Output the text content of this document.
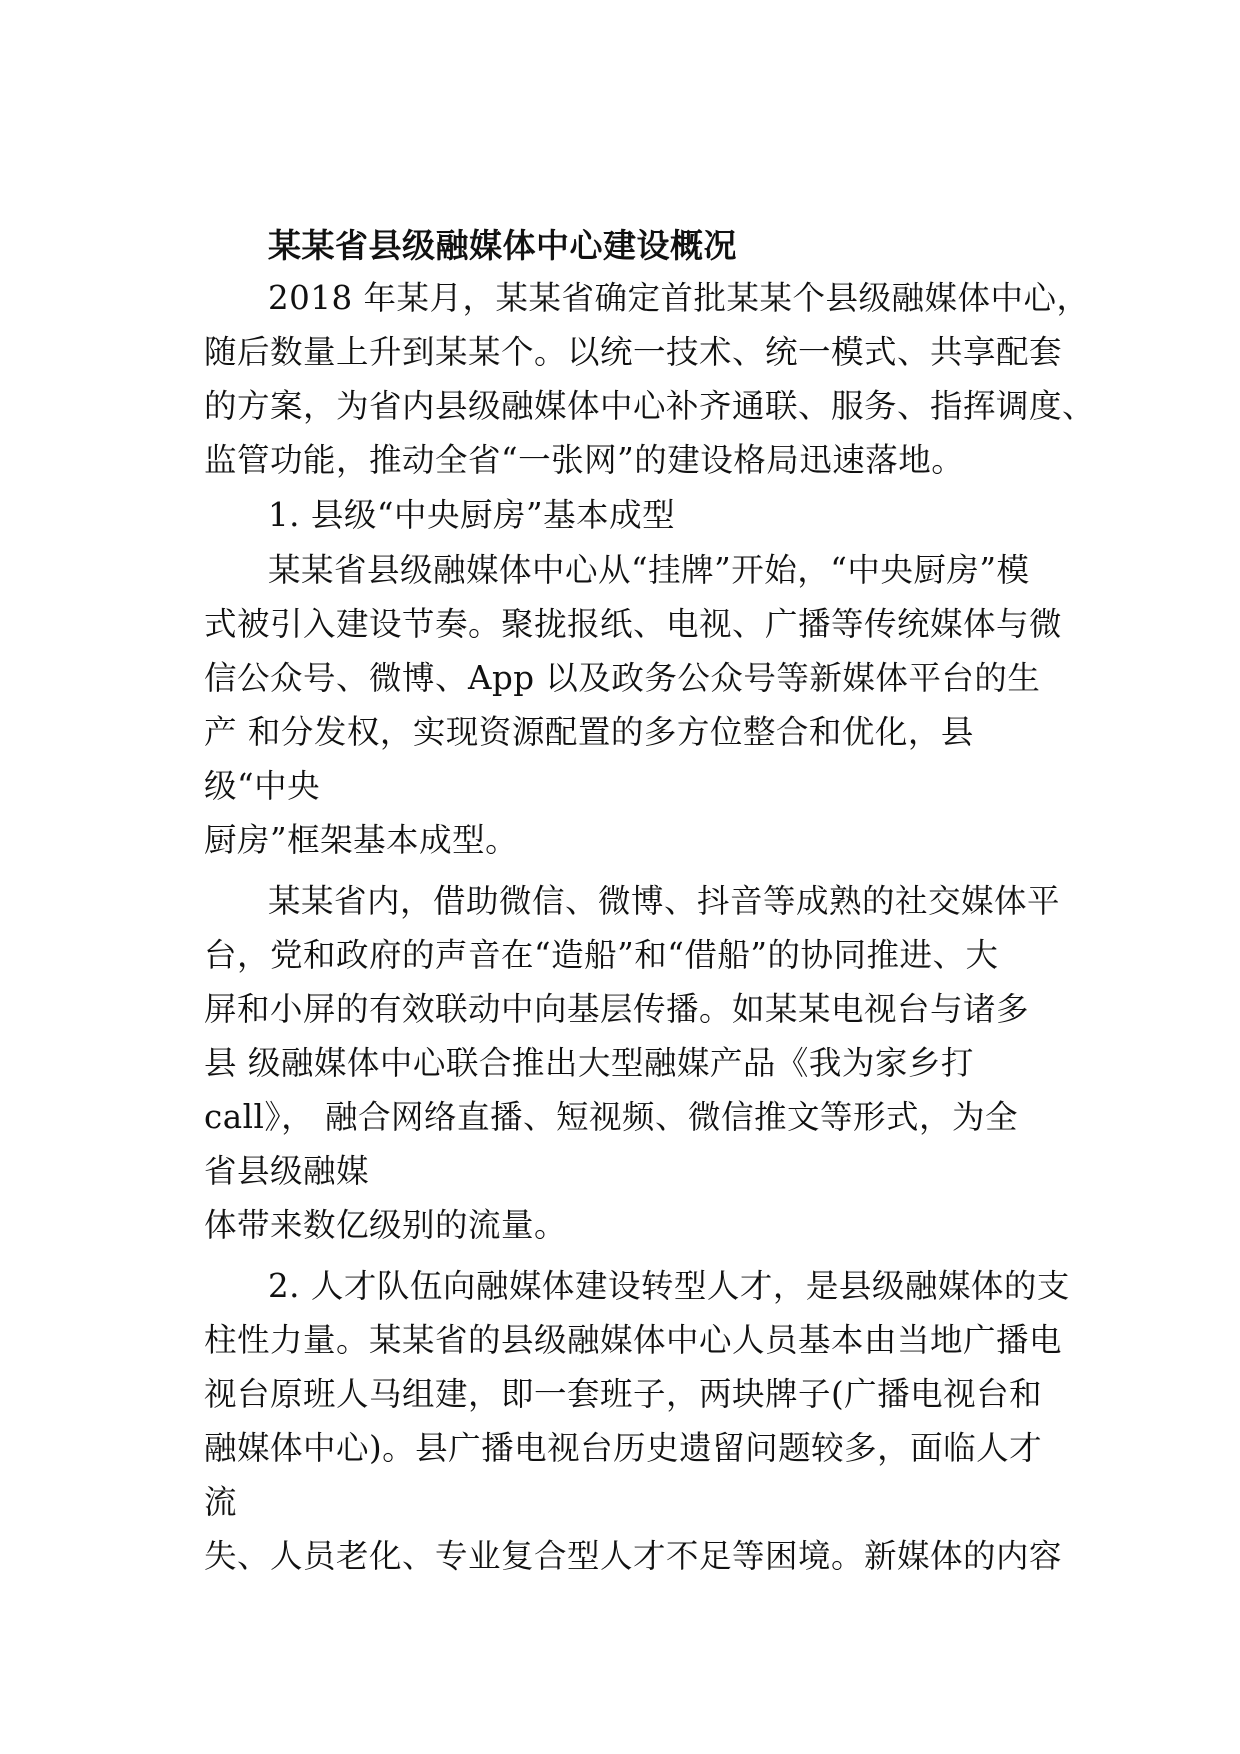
某某省县级融媒体中心建设概况
2018 年某月，某某省确定首批某某个县级融媒体中心，
随后数量上升到某某个。以统一技术、统一模式、共享配套
的方案，为省内县级融媒体中心补齐通联、服务、指挥调度、
监管功能，推动全省“一张网”的建设格局迅速落地。
1. 县级“中央厨房”基本成型
某某省县级融媒体中心从“挂牌”开始，“中央厨房”模
式被引入建设节奏。聚拢报纸、电视、广播等传统媒体与微
信公众号、微博、App 以及政务公众号等新媒体平台的生
产 和分发权，实现资源配置的多方位整合和优化，县
级“中央
厨房”框架基本成型。
某某省内，借助微信、微博、抖音等成熟的社交媒体平
台，党和政府的声音在“造船”和“借船”的协同推进、大
屏和小屏的有效联动中向基层传播。如某某电视台与诸多
县 级融媒体中心联合推出大型融媒产品《我为家乡打
call》， 融合网络直播、短视频、微信推文等形式，为全
省县级融媒
体带来数亿级别的流量。
2. 人才队伍向融媒体建设转型人才，是县级融媒体的支
柱性力量。某某省的县级融媒体中心人员基本由当地广播电
视台原班人马组建，即一套班子，两块牌子(广播电视台和
融媒体中心)。县广播电视台历史遗留问题较多，面临人才
流
失、人员老化、专业复合型人才不足等困境。新媒体的内容
